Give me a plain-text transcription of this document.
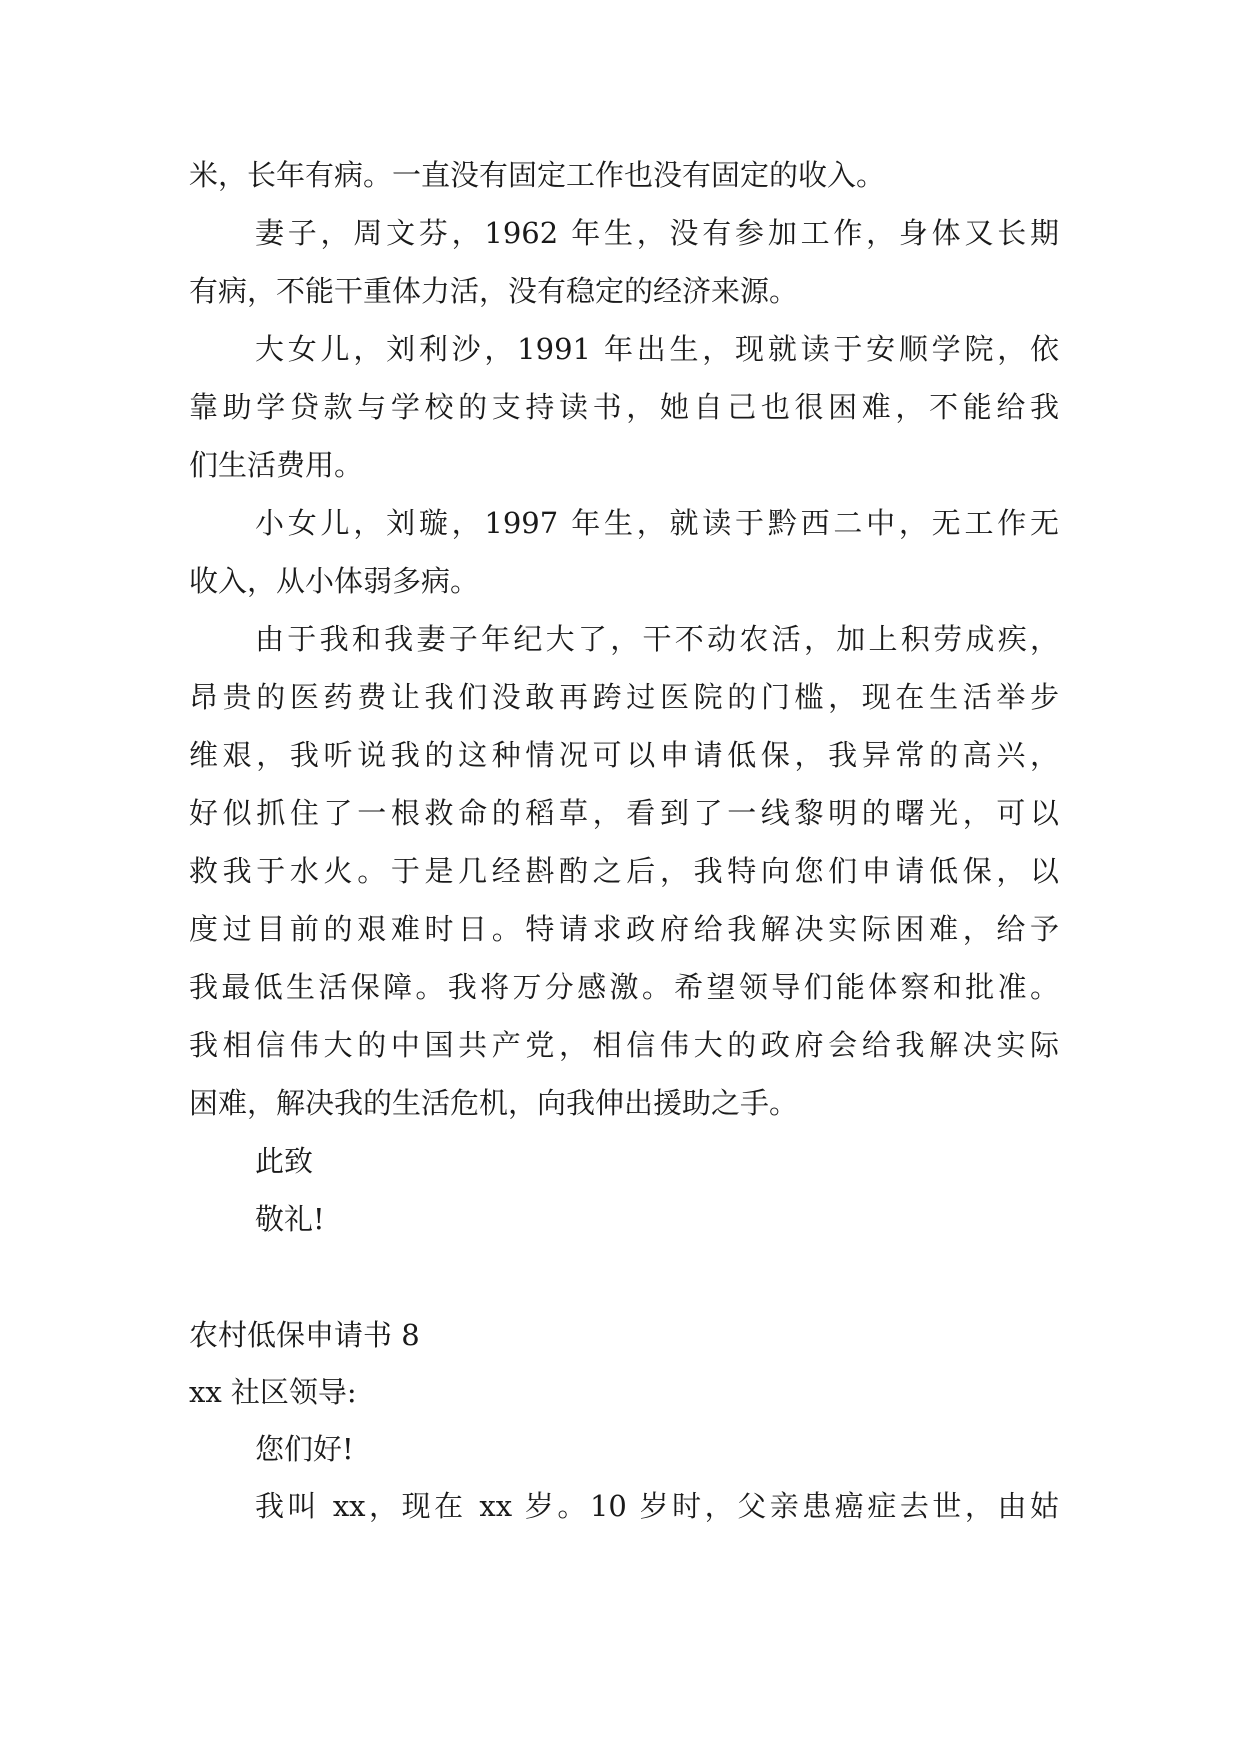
米，长年有病。一直没有固定工作也没有固定的收入。
妻子，周文芬，1962 年生，没有参加工作，身体又长期
有病，不能干重体力活，没有稳定的经济来源。
大女儿，刘利沙，1991 年出生，现就读于安顺学院，依
靠助学贷款与学校的支持读书，她自己也很困难，不能给我
们生活费用。
小女儿，刘璇，1997 年生，就读于黔西二中，无工作无
收入，从小体弱多病。
由于我和我妻子年纪大了，干不动农活，加上积劳成疾，
昂贵的医药费让我们没敢再跨过医院的门槛，现在生活举步
维艰，我听说我的这种情况可以申请低保，我异常的高兴，
好似抓住了一根救命的稻草，看到了一线黎明的曙光，可以
救我于水火。于是几经斟酌之后，我特向您们申请低保，以
度过目前的艰难时日。特请求政府给我解决实际困难，给予
我最低生活保障。我将万分感激。希望领导们能体察和批准。
我相信伟大的中国共产党，相信伟大的政府会给我解决实际
困难，解决我的生活危机，向我伸出援助之手。
此致
敬礼!
农村低保申请书 8
xx 社区领导:
您们好!
我叫 xx，现在 xx 岁。10 岁时，父亲患癌症去世，由姑
